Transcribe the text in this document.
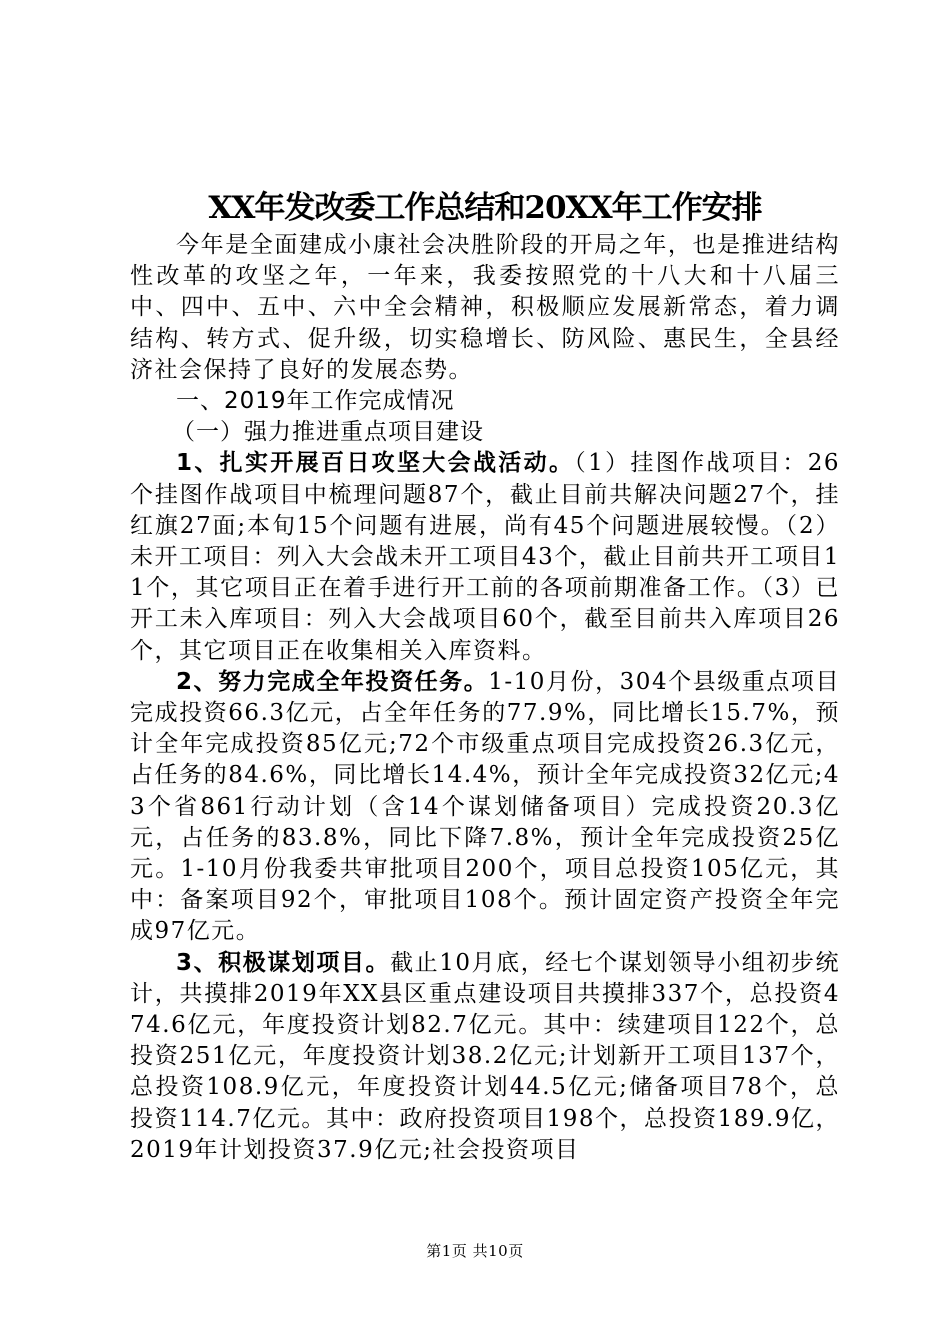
XX年发改委工作总结和20XX年工作安排

今年是全面建成小康社会决胜阶段的开局之年，也是推进结构性改革的攻坚之年，一年来，我委按照党的十八大和十八届三中、四中、五中、六中全会精神，积极顺应发展新常态，着力调结构、转方式、促升级，切实稳增长、防风险、惠民生，全县经济社会保持了良好的发展态势。

一、2019年工作完成情况

（一）强力推进重点项目建设

1、扎实开展百日攻坚大会战活动。（1）挂图作战项目：26个挂图作战项目中梳理问题87个，截止目前共解决问题27个，挂红旗27面;本旬15个问题有进展，尚有45个问题进展较慢。（2）未开工项目：列入大会战未开工项目43个，截止目前共开工项目11个，其它项目正在着手进行开工前的各项前期准备工作。（3）已开工未入库项目：列入大会战项目60个，截至目前共入库项目26个，其它项目正在收集相关入库资料。

2、努力完成全年投资任务。1-10月份，304个县级重点项目完成投资66.3亿元，占全年任务的77.9%，同比增长15.7%，预计全年完成投资85亿元;72个市级重点项目完成投资26.3亿元，占任务的84.6%，同比增长14.4%，预计全年完成投资32亿元;43个省861行动计划（含14个谋划储备项目）完成投资20.3亿元，占任务的83.8%，同比下降7.8%，预计全年完成投资25亿元。1-10月份我委共审批项目200个，项目总投资105亿元，其中：备案项目92个，审批项目108个。预计固定资产投资全年完成97亿元。

3、积极谋划项目。截止10月底，经七个谋划领导小组初步统计，共摸排2019年XX县区重点建设项目共摸排337个，总投资474.6亿元，年度投资计划82.7亿元。其中：续建项目122个，总投资251亿元，年度投资计划38.2亿元;计划新开工项目137个，总投资108.9亿元，年度投资计划44.5亿元;储备项目78个，总投资114.7亿元。其中：政府投资项目198个，总投资189.9亿，2019年计划投资37.9亿元;社会投资项目

第1页 共10页
